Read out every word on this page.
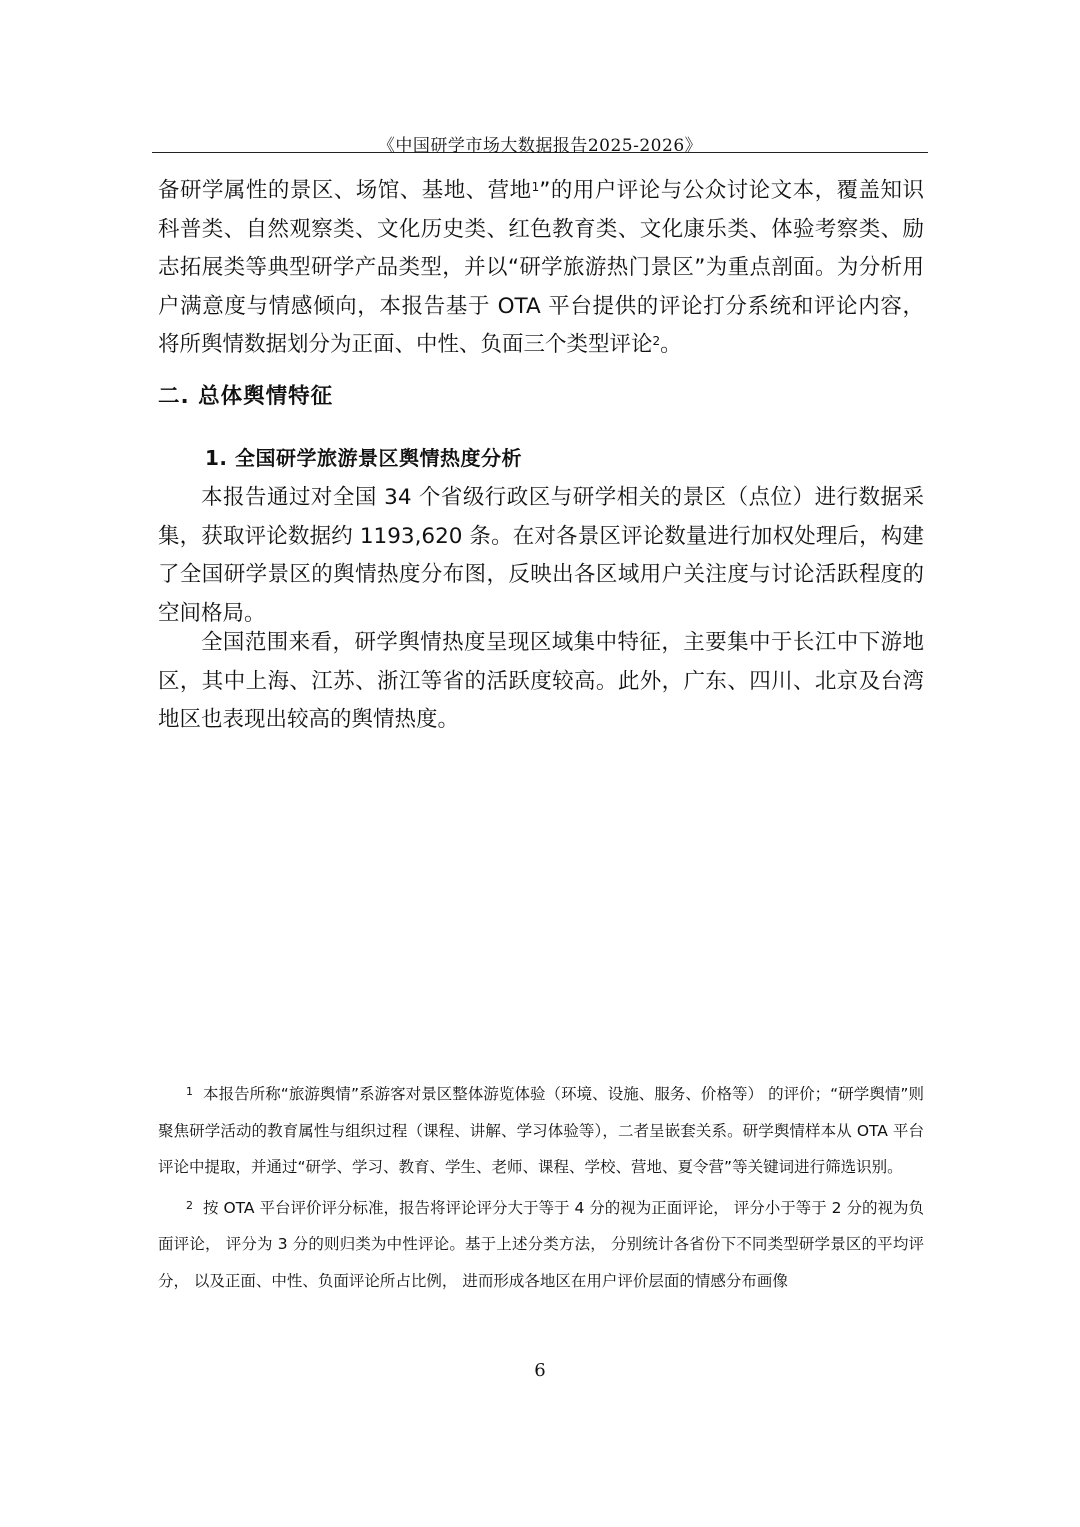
《中国研学市场大数据报告2025-2026》

备研学属性的景区、场馆、基地、营地$^1$”的用户评论与公众讨论文本，覆盖知识科普类、自然观察类、文化历史类、红色教育类、文化康乐类、体验考察类、励志拓展类等典型研学产品类型，并以“研学旅游热门景区”为重点剖面。为分析用户满意度与情感倾向，本报告基于 OTA 平台提供的评论打分系统和评论内容，将所舆情数据划分为正面、中性、负面三个类型评论$^2$。

二. 总体舆情特征
1. 全国研学旅游景区舆情热度分析

本报告通过对全国 34 个省级行政区与研学相关的景区（点位）进行数据采集，获取评论数据约 1193,620 条。在对各景区评论数量进行加权处理后，构建了全国研学景区的舆情热度分布图，反映出各区域用户关注度与讨论活跃程度的空间格局。

全国范围来看，研学舆情热度呈现区域集中特征，主要集中于长江中下游地区，其中上海、江苏、浙江等省的活跃度较高。此外，广东、四川、北京及台湾地区也表现出较高的舆情热度。

$^1$ 本报告所称“旅游舆情”系游客对景区整体游览体验（环境、设施、服务、价格等） 的评价；“研学舆情”则聚焦研学活动的教育属性与组织过程（课程、讲解、学习体验等），二者呈嵌套关系。研学舆情样本从 OTA 平台评论中提取，并通过“研学、学习、教育、学生、老师、课程、学校、营地、夏令营”等关键词进行筛选识别。

$^2$ 按 OTA 平台评价评分标准，报告将评论评分大于等于 4 分的视为正面评论， 评分小于等于 2 分的视为负面评论， 评分为 3 分的则归类为中性评论。基于上述分类方法， 分别统计各省份下不同类型研学景区的平均评分， 以及正面、中性、负面评论所占比例， 进而形成各地区在用户评价层面的情感分布画像

6
